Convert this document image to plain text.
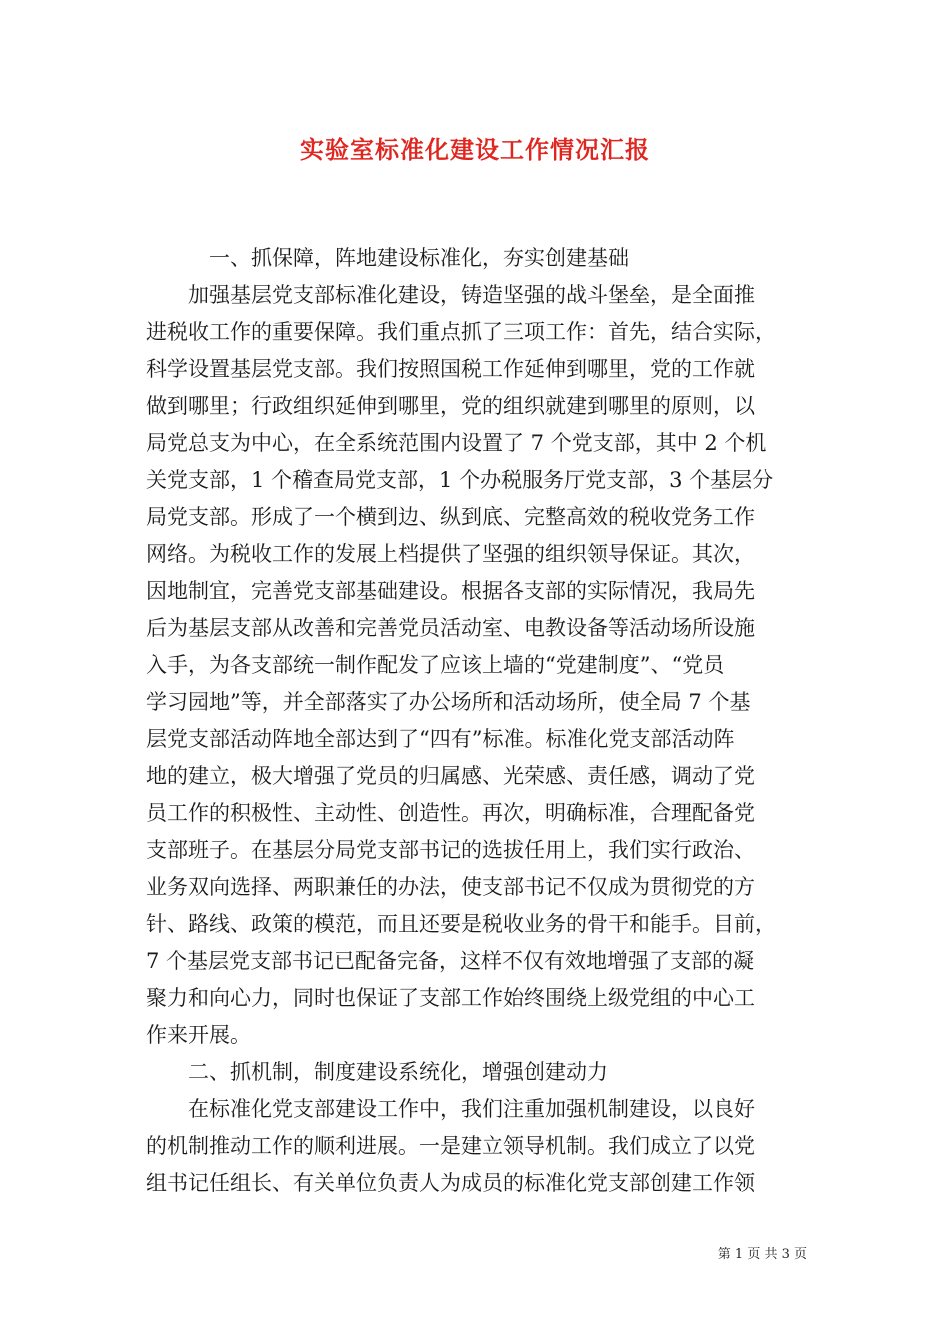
实验室标准化建设工作情况汇报
　　　一、抓保障，阵地建设标准化，夯实创建基础
　　加强基层党支部标准化建设，铸造坚强的战斗堡垒，是全面推
进税收工作的重要保障。我们重点抓了三项工作：首先，结合实际，
科学设置基层党支部。我们按照国税工作延伸到哪里，党的工作就
做到哪里；行政组织延伸到哪里，党的组织就建到哪里的原则，以
局党总支为中心，在全系统范围内设置了 7 个党支部，其中 2 个机
关党支部，1 个稽查局党支部，1 个办税服务厅党支部，3 个基层分
局党支部。形成了一个横到边、纵到底、完整高效的税收党务工作
网络。为税收工作的发展上档提供了坚强的组织领导保证。其次，
因地制宜，完善党支部基础建设。根据各支部的实际情况，我局先
后为基层支部从改善和完善党员活动室、电教设备等活动场所设施
入手，为各支部统一制作配发了应该上墙的“党建制度”、“党员
学习园地”等，并全部落实了办公场所和活动场所，使全局 7 个基
层党支部活动阵地全部达到了“四有”标准。标准化党支部活动阵
地的建立，极大增强了党员的归属感、光荣感、责任感，调动了党
员工作的积极性、主动性、创造性。再次，明确标准，合理配备党
支部班子。在基层分局党支部书记的选拔任用上，我们实行政治、
业务双向选择、两职兼任的办法，使支部书记不仅成为贯彻党的方
针、路线、政策的模范，而且还要是税收业务的骨干和能手。目前，
7 个基层党支部书记已配备完备，这样不仅有效地增强了支部的凝
聚力和向心力，同时也保证了支部工作始终围绕上级党组的中心工
作来开展。
　　二、抓机制，制度建设系统化，增强创建动力
　　在标准化党支部建设工作中，我们注重加强机制建设，以良好
的机制推动工作的顺利进展。一是建立领导机制。我们成立了以党
组书记任组长、有关单位负责人为成员的标准化党支部创建工作领
第 1 页 共 3 页
